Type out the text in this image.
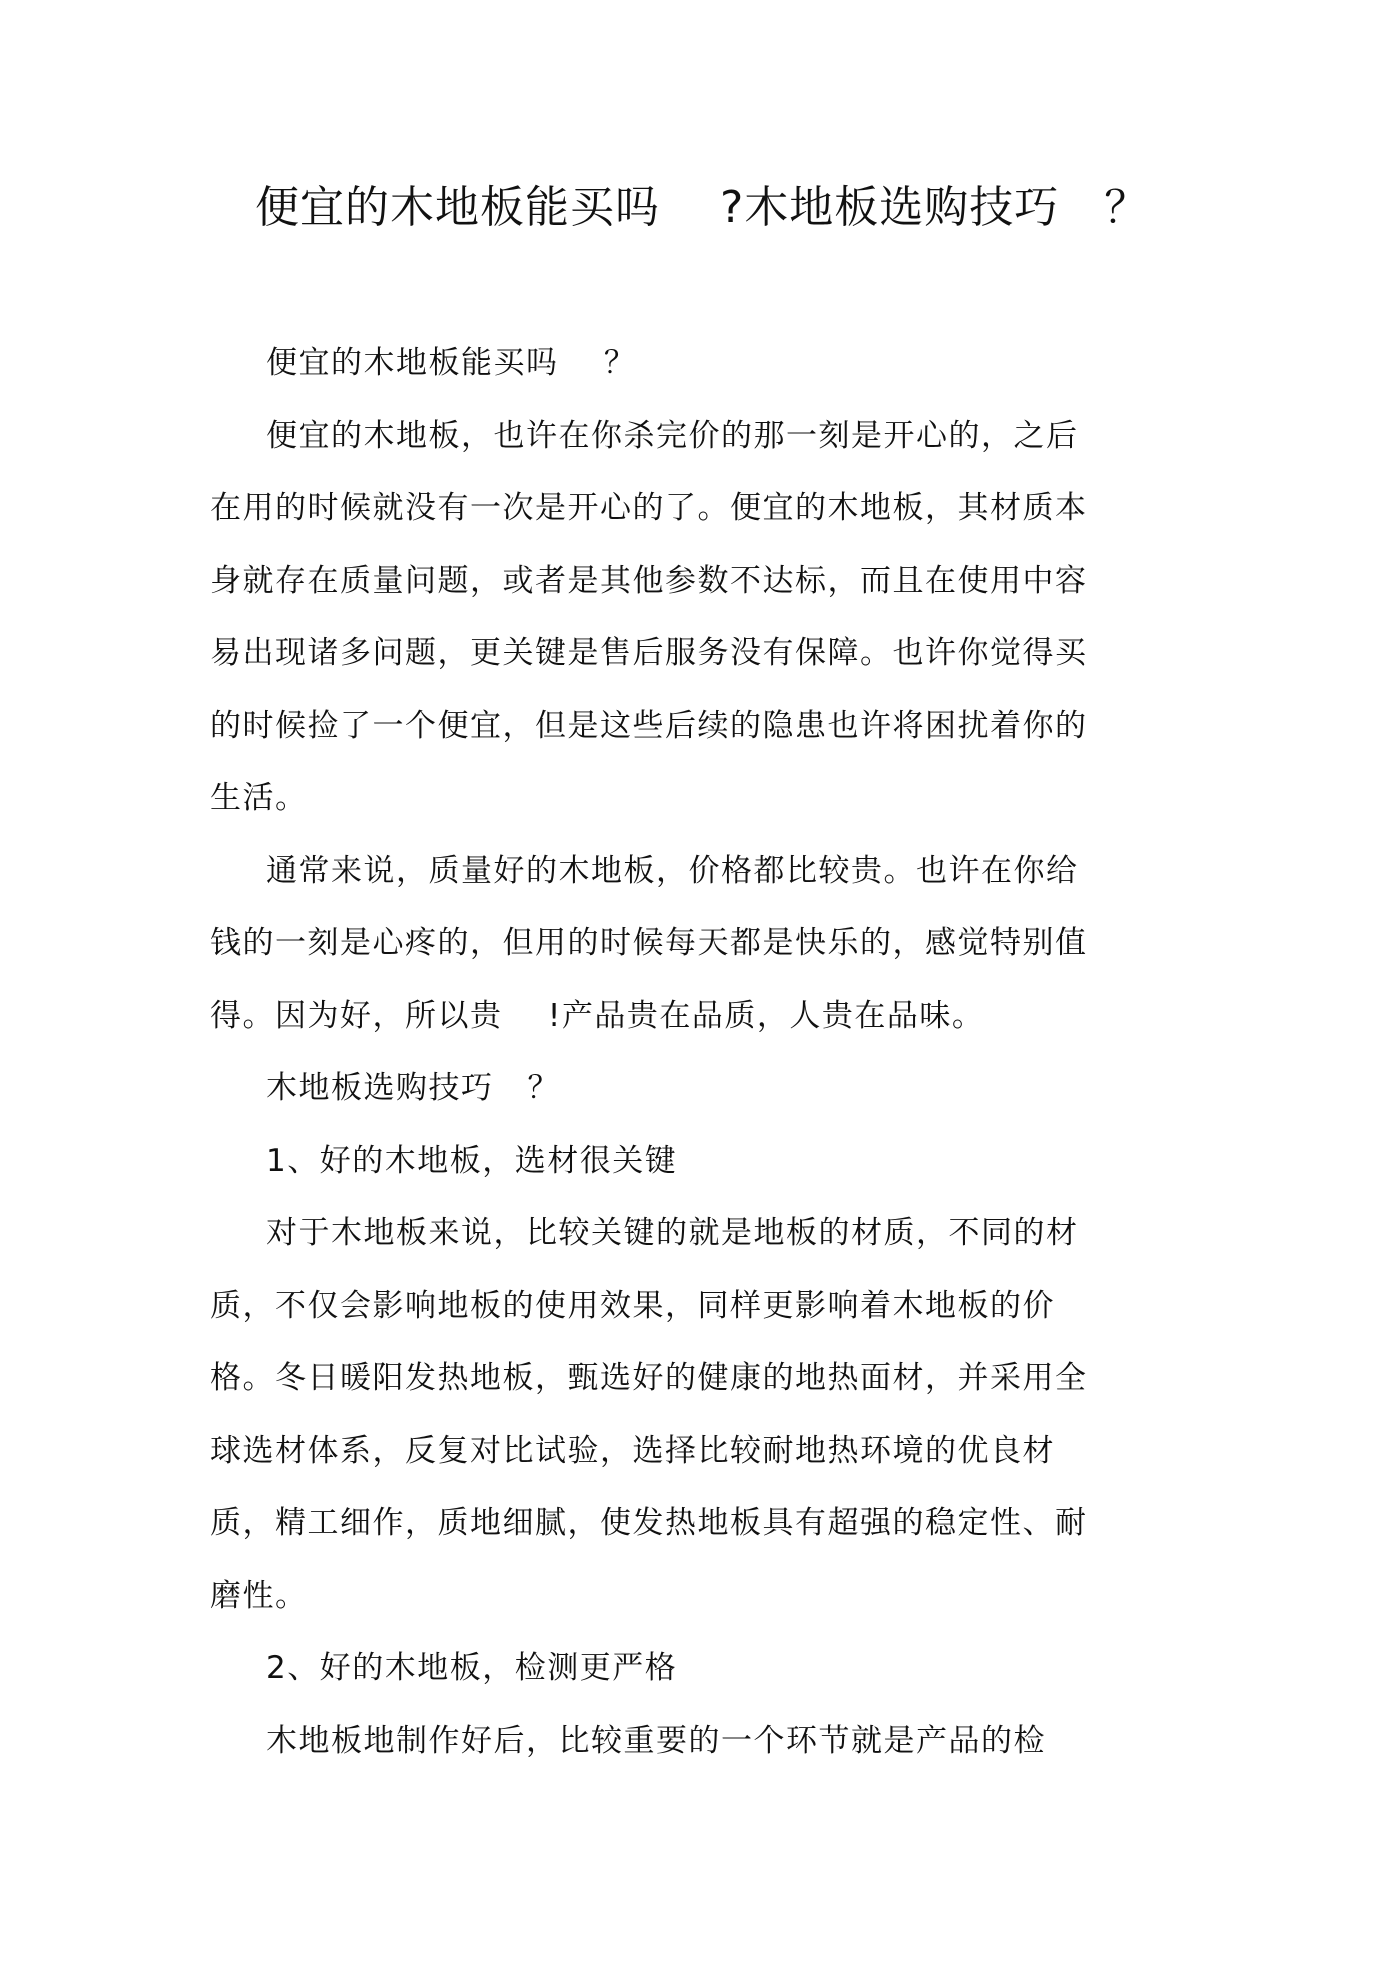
便宜的木地板能买吗    ?木地板选购技巧   ？

便宜的木地板能买吗    ？

便宜的木地板，也许在你杀完价的那一刻是开心的，之后在用的时候就没有一次是开心的了。便宜的木地板，其材质本身就存在质量问题，或者是其他参数不达标，而且在使用中容易出现诸多问题，更关键是售后服务没有保障。也许你觉得买的时候捡了一个便宜，但是这些后续的隐患也许将困扰着你的生活。

通常来说，质量好的木地板，价格都比较贵。也许在你给钱的一刻是心疼的，但用的时候每天都是快乐的，感觉特别值得。因为好，所以贵    !产品贵在品质，人贵在品味。

木地板选购技巧   ？

1、好的木地板，选材很关键

对于木地板来说，比较关键的就是地板的材质，不同的材质，不仅会影响地板的使用效果，同样更影响着木地板的价格。冬日暖阳发热地板，甄选好的健康的地热面材，并采用全球选材体系，反复对比试验，选择比较耐地热环境的优良材质，精工细作，质地细腻，使发热地板具有超强的稳定性、耐磨性。

2、好的木地板，检测更严格

木地板地制作好后，比较重要的一个环节就是产品的检
